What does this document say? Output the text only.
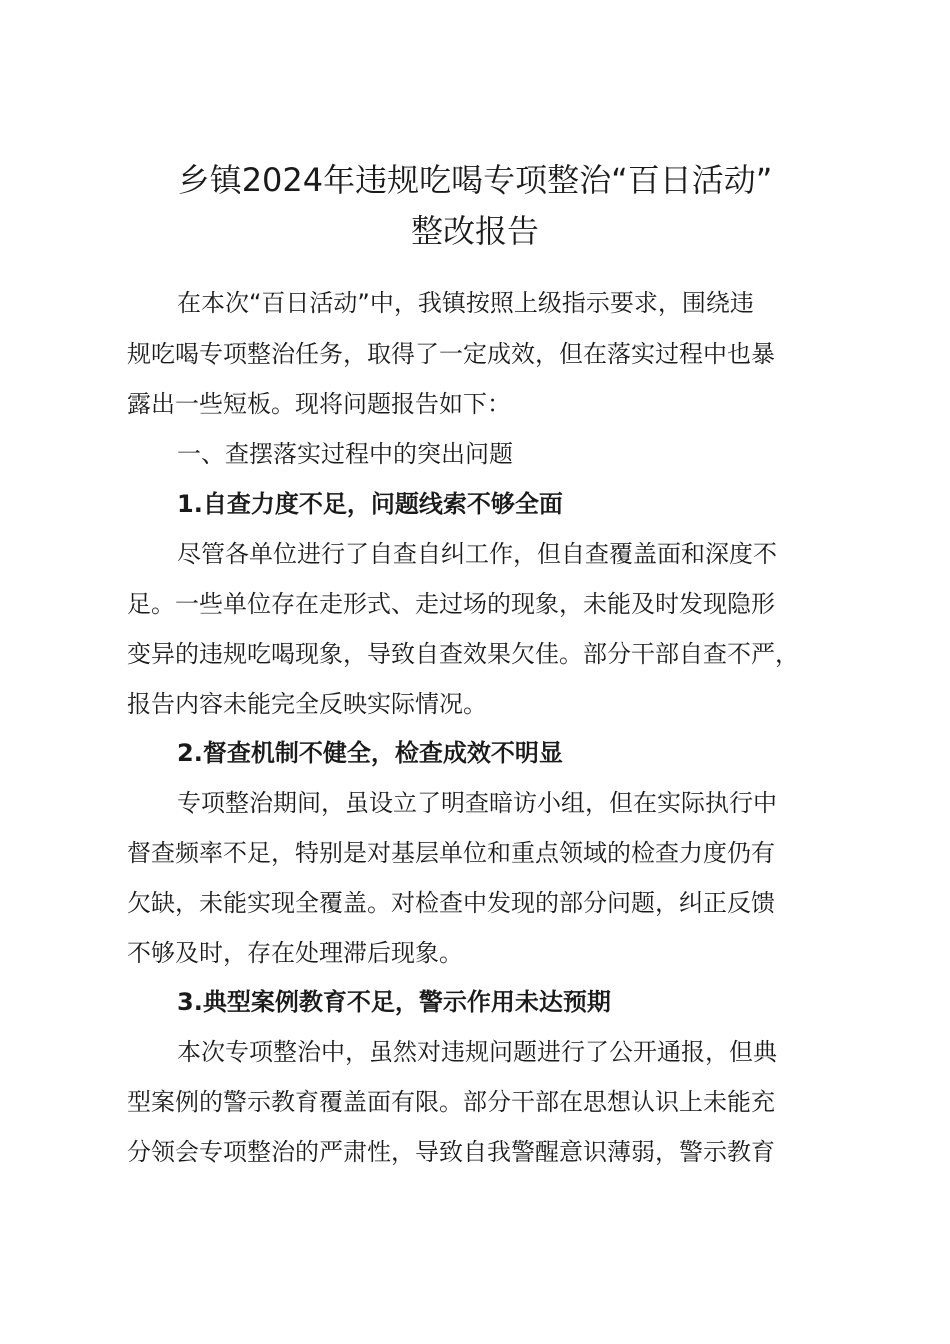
乡镇2024年违规吃喝专项整治“百日活动”
整改报告

在本次“百日活动”中，我镇按照上级指示要求，围绕违

规吃喝专项整治任务，取得了一定成效，但在落实过程中也暴

露出一些短板。现将问题报告如下：

一、查摆落实过程中的突出问题

1.自查力度不足，问题线索不够全面

尽管各单位进行了自查自纠工作，但自查覆盖面和深度不

足。一些单位存在走形式、走过场的现象，未能及时发现隐形

变异的违规吃喝现象，导致自查效果欠佳。部分干部自查不严，

报告内容未能完全反映实际情况。

2.督查机制不健全，检查成效不明显

专项整治期间，虽设立了明查暗访小组，但在实际执行中

督查频率不足，特别是对基层单位和重点领域的检查力度仍有

欠缺，未能实现全覆盖。对检查中发现的部分问题，纠正反馈

不够及时，存在处理滞后现象。

3.典型案例教育不足，警示作用未达预期

本次专项整治中，虽然对违规问题进行了公开通报，但典

型案例的警示教育覆盖面有限。部分干部在思想认识上未能充

分领会专项整治的严肃性，导致自我警醒意识薄弱，警示教育
